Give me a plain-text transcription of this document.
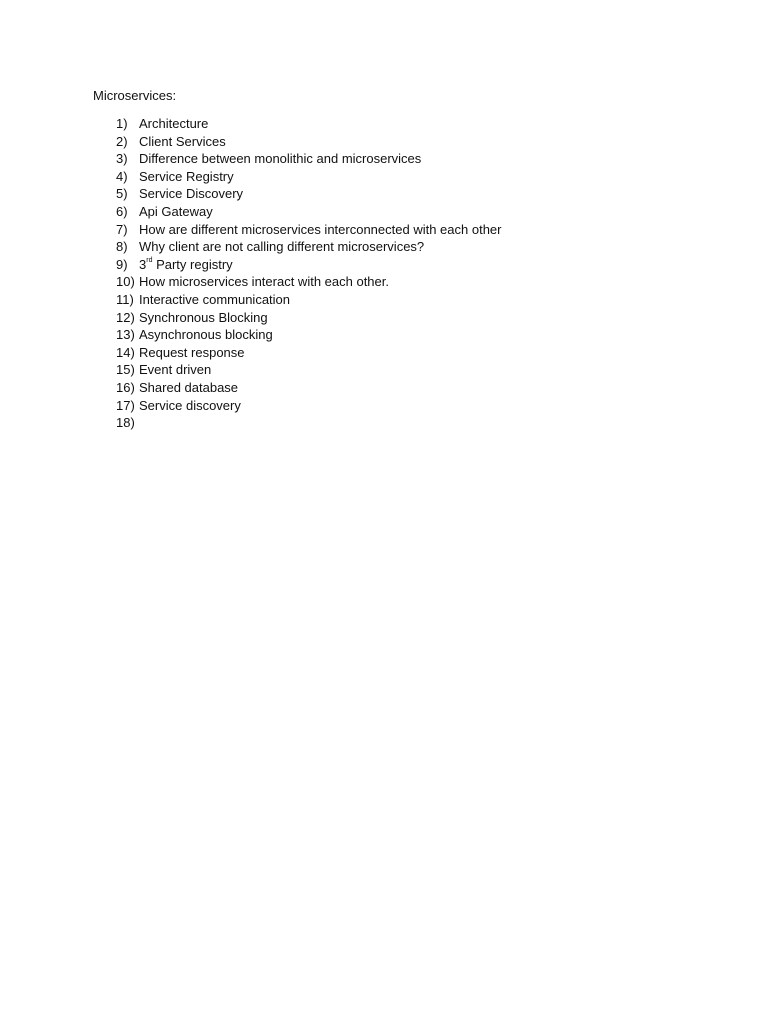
Microservices:
1) Architecture
2) Client Services
3) Difference between monolithic and microservices
4) Service Registry
5) Service Discovery
6) Api Gateway
7) How are different microservices interconnected with each other
8) Why client are not calling different microservices?
9) 3rd Party registry
10) How microservices interact with each other.
11) Interactive communication
12) Synchronous Blocking
13) Asynchronous blocking
14) Request response
15) Event driven
16) Shared database
17) Service discovery
18)
